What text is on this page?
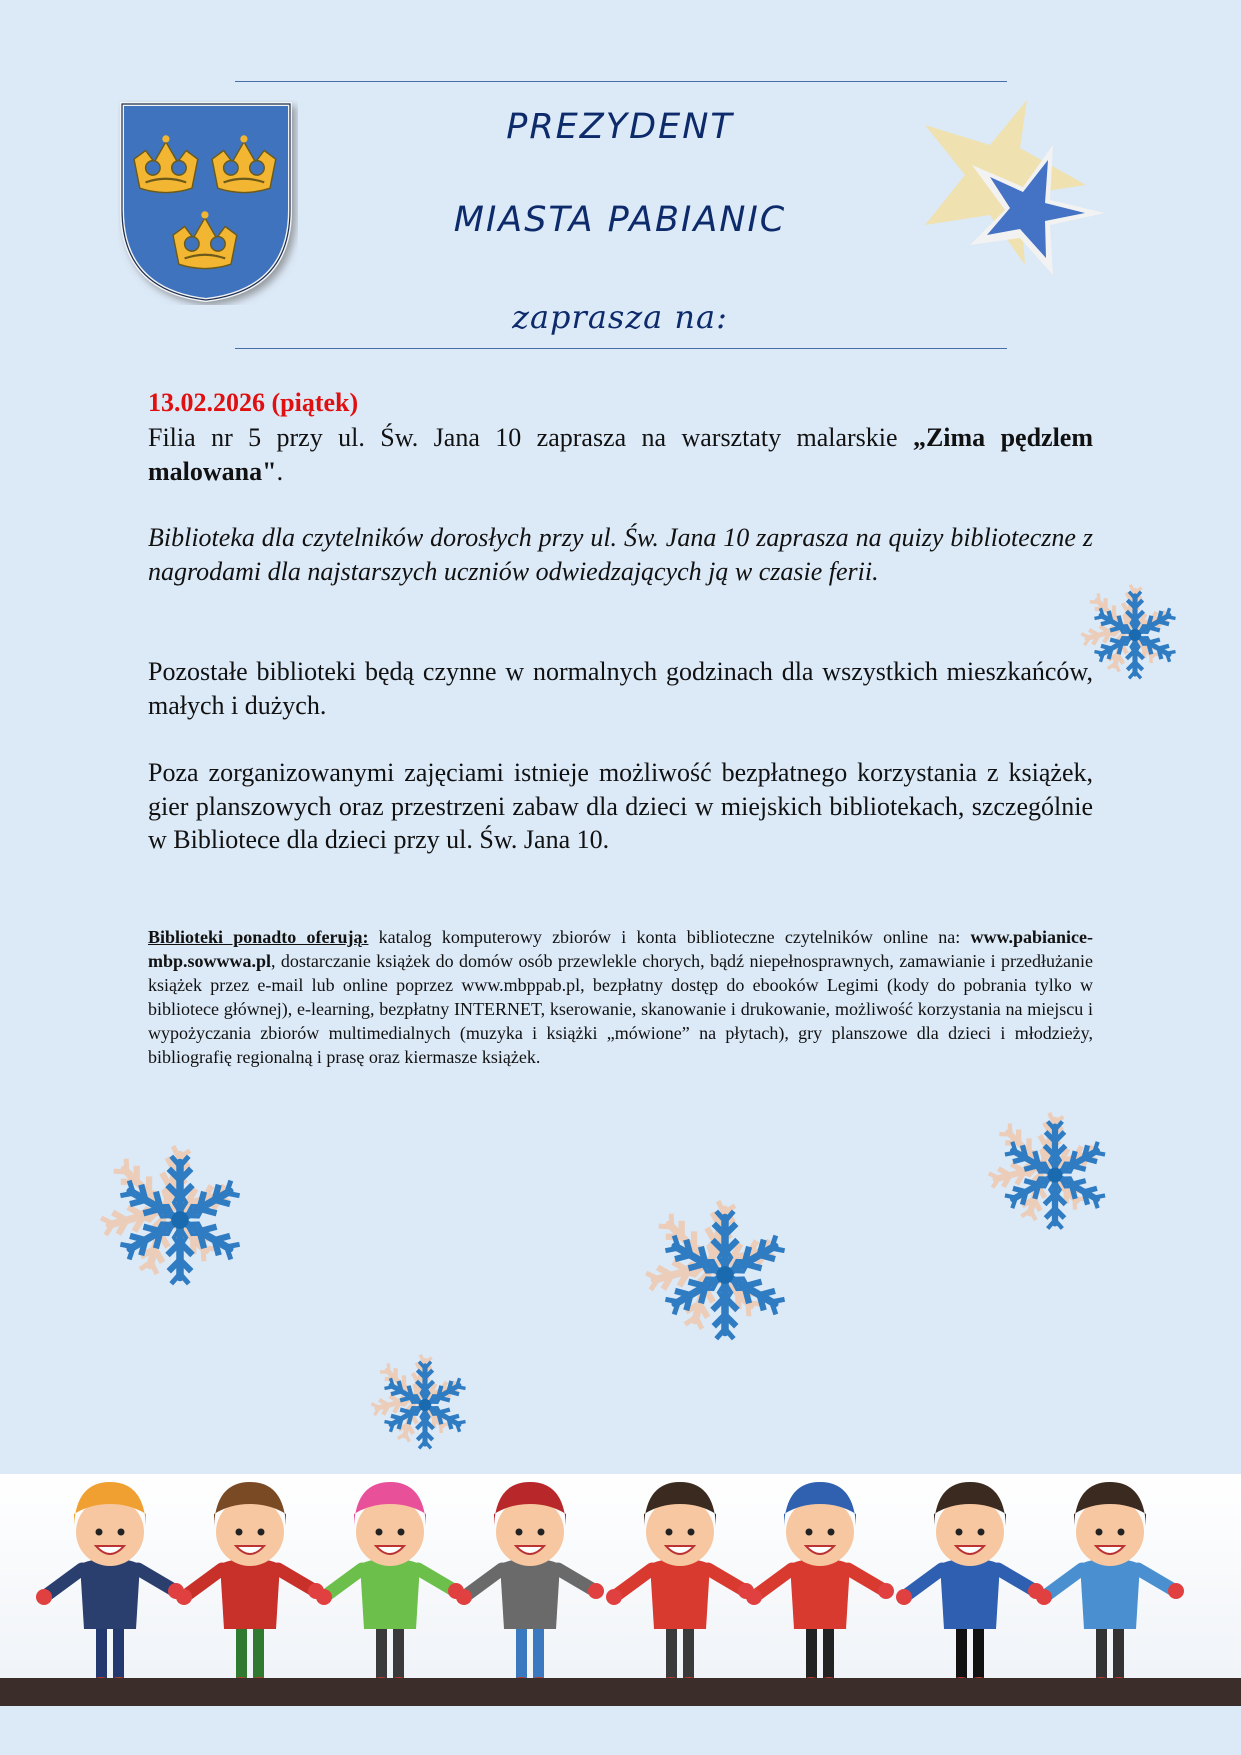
PREZYDENT
MIASTA PABIANIC
zaprasza na:
13.02.2026 (piątek)
Filia nr 5 przy ul. Św. Jana 10 zaprasza na warsztaty malarskie „Zima pędzlem malowana".
Biblioteka dla czytelników dorosłych przy ul. Św. Jana 10 zaprasza na quizy biblioteczne z nagrodami dla najstarszych uczniów odwiedzających ją w czasie ferii.
Pozostałe biblioteki będą czynne w normalnych godzinach dla wszystkich mieszkańców, małych i dużych.
Poza zorganizowanymi zajęciami istnieje możliwość bezpłatnego korzystania z książek, gier planszowych oraz przestrzeni zabaw dla dzieci w miejskich bibliotekach, szczególnie w Bibliotece dla dzieci przy ul. Św. Jana 10.
Biblioteki ponadto oferują: katalog komputerowy zbiorów i konta biblioteczne czytelników online na: www.pabianice-mbp.sowwwa.pl, dostarczanie książek do domów osób przewlekle chorych, bądź niepełnosprawnych, zamawianie i przedłużanie książek przez e-mail lub online poprzez www.mbppab.pl, bezpłatny dostęp do ebooków Legimi (kody do pobrania tylko w bibliotece głównej), e-learning, bezpłatny INTERNET, kserowanie, skanowanie i drukowanie, możliwość korzystania na miejscu i wypożyczania zbiorów multimedialnych (muzyka i książki „mówione” na płytach), gry planszowe dla dzieci i młodzieży, bibliografię regionalną i prasę oraz kiermasze książek.
